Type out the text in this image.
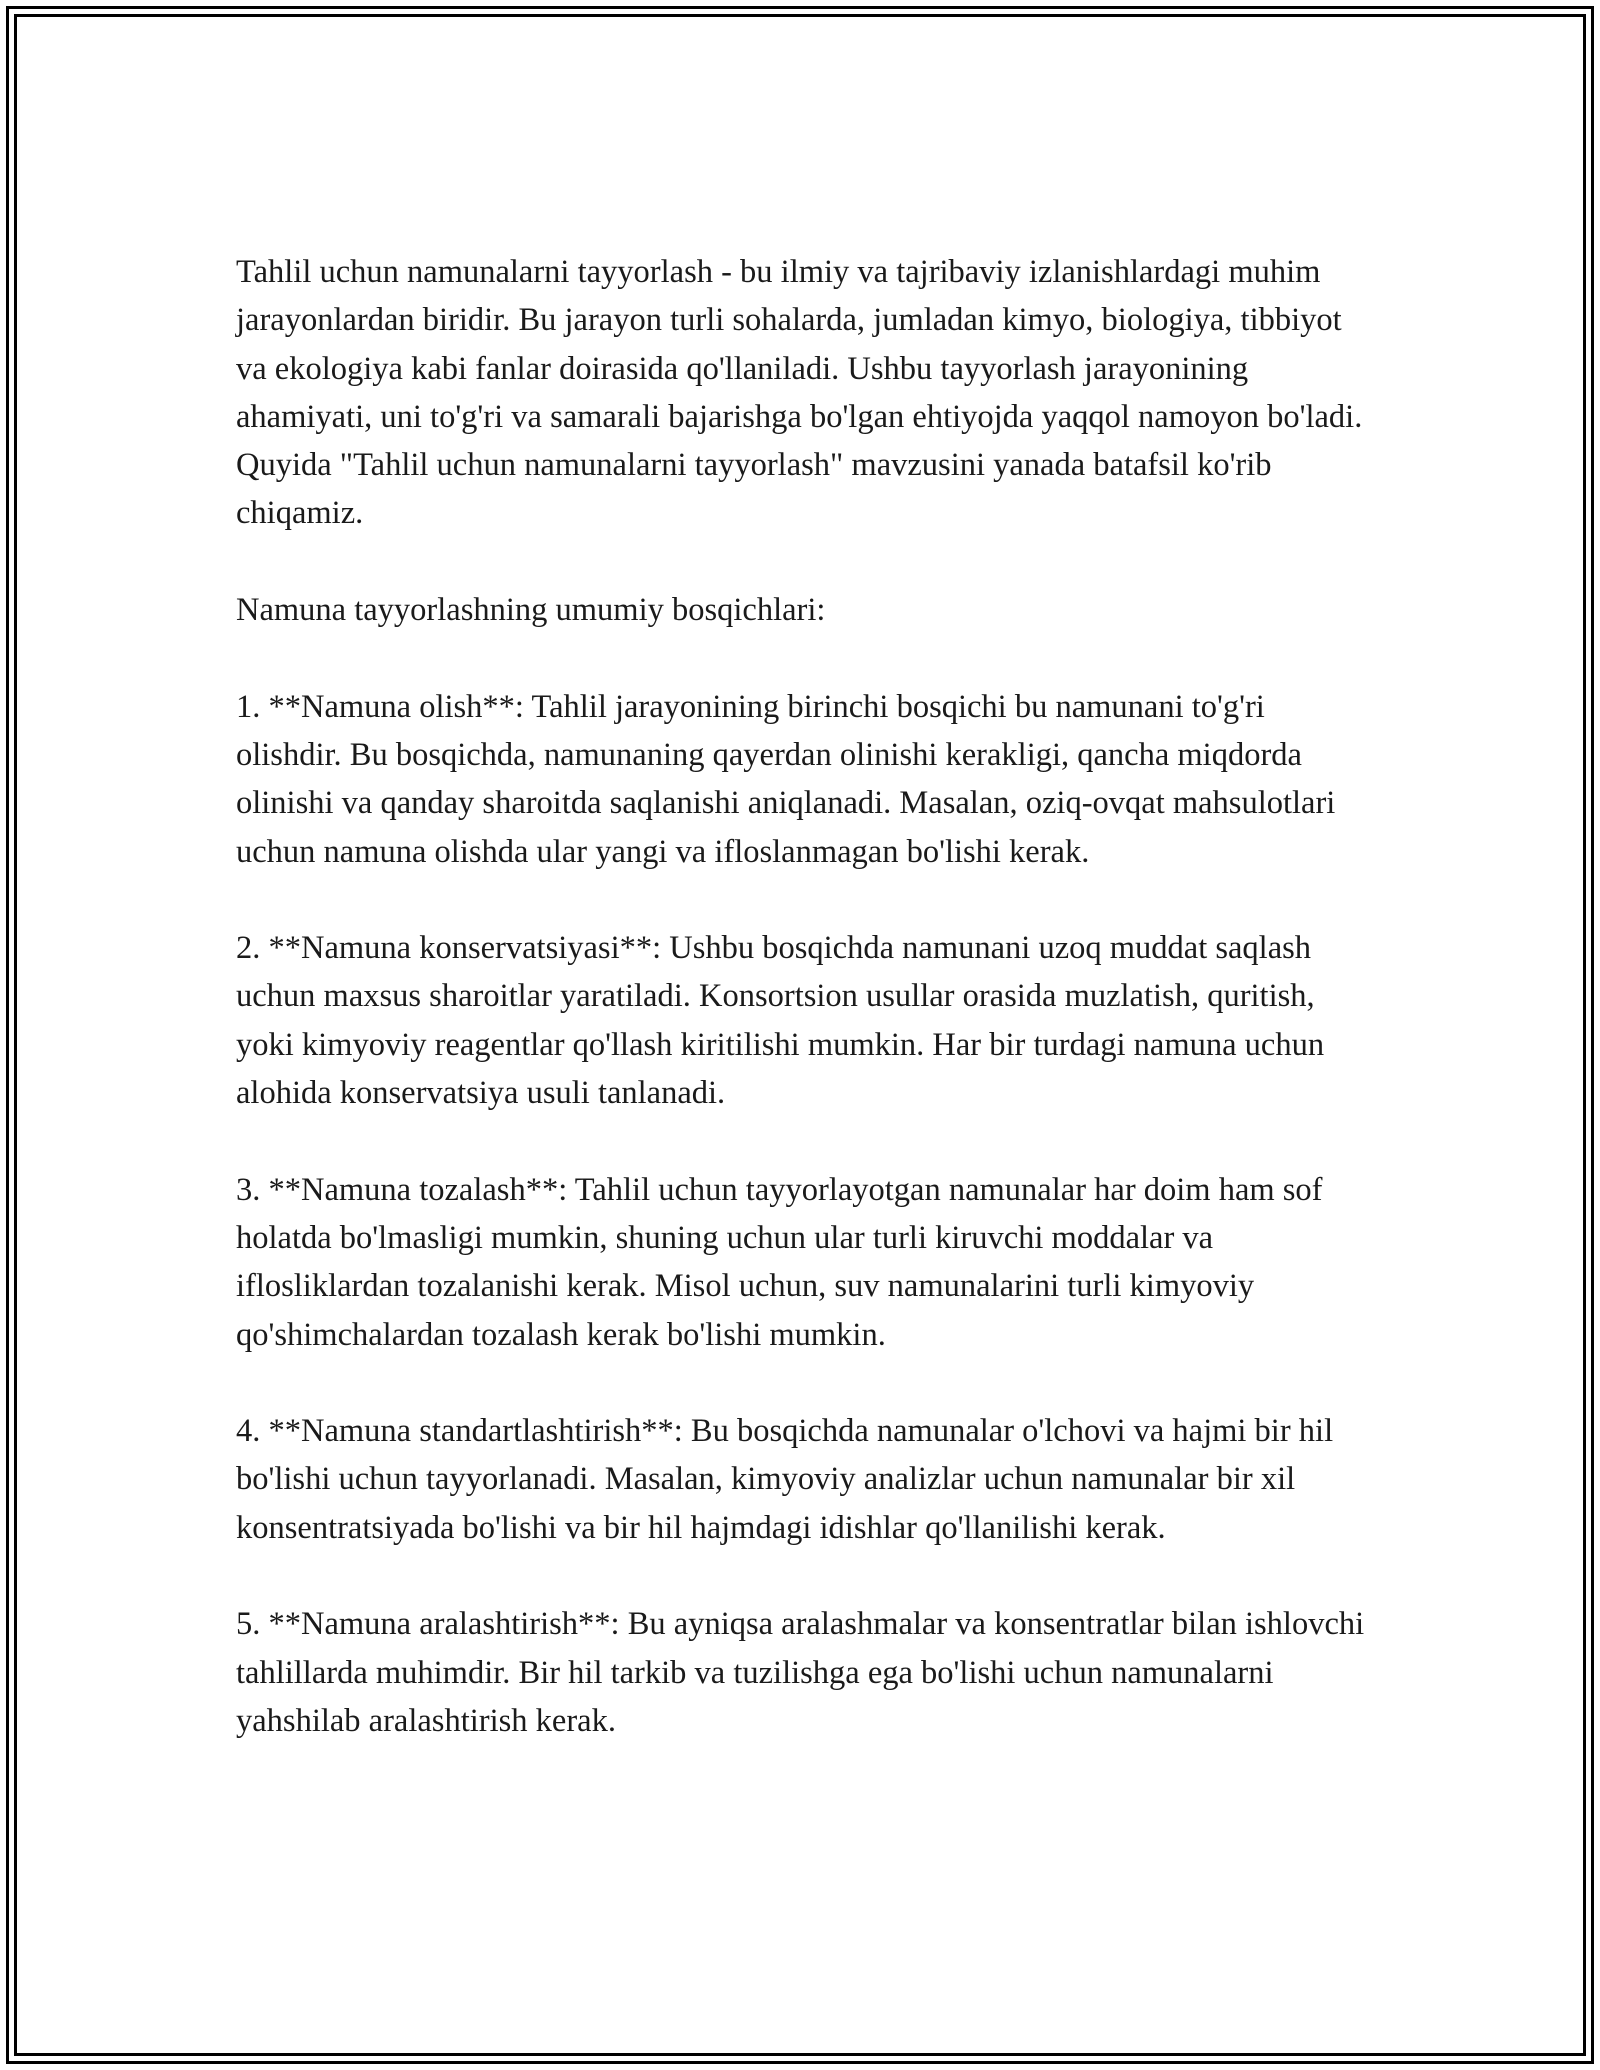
Tahlil uchun namunalarni tayyorlash - bu ilmiy va tajribaviy izlanishlardagi muhim jarayonlardan biridir. Bu jarayon turli sohalarda, jumladan kimyo, biologiya, tibbiyot va ekologiya kabi fanlar doirasida qo'llaniladi. Ushbu tayyorlash jarayonining ahamiyati, uni to'g'ri va samarali bajarishga bo'lgan ehtiyojda yaqqol namoyon bo'ladi. Quyida "Tahlil uchun namunalarni tayyorlash" mavzusini yanada batafsil ko'rib chiqamiz.

Namuna tayyorlashning umumiy bosqichlari:

1. **Namuna olish**: Tahlil jarayonining birinchi bosqichi bu namunani to'g'ri olishdir. Bu bosqichda, namunaning qayerdan olinishi kerakligi, qancha miqdorda olinishi va qanday sharoitda saqlanishi aniqlanadi. Masalan, oziq-ovqat mahsulotlari uchun namuna olishda ular yangi va ifloslanmagan bo'lishi kerak.

2. **Namuna konservatsiyasi**: Ushbu bosqichda namunani uzoq muddat saqlash uchun maxsus sharoitlar yaratiladi. Konsortsion usullar orasida muzlatish, quritish, yoki kimyoviy reagentlar qo'llash kiritilishi mumkin. Har bir turdagi namuna uchun alohida konservatsiya usuli tanlanadi.

3. **Namuna tozalash**: Tahlil uchun tayyorlayotgan namunalar har doim ham sof holatda bo'lmasligi mumkin, shuning uchun ular turli kiruvchi moddalar va iflosliklardan tozalanishi kerak. Misol uchun, suv namunalarini turli kimyoviy qo'shimchalardan tozalash kerak bo'lishi mumkin.

4. **Namuna standartlashtirish**: Bu bosqichda namunalar o'lchovi va hajmi bir hil bo'lishi uchun tayyorlanadi. Masalan, kimyoviy analizlar uchun namunalar bir xil konsentratsiyada bo'lishi va bir hil hajmdagi idishlar qo'llanilishi kerak.

5. **Namuna aralashtirish**: Bu ayniqsa aralashmalar va konsentratlar bilan ishlovchi tahlillarda muhimdir. Bir hil tarkib va tuzilishga ega bo'lishi uchun namunalarni yahshilab aralashtirish kerak.
